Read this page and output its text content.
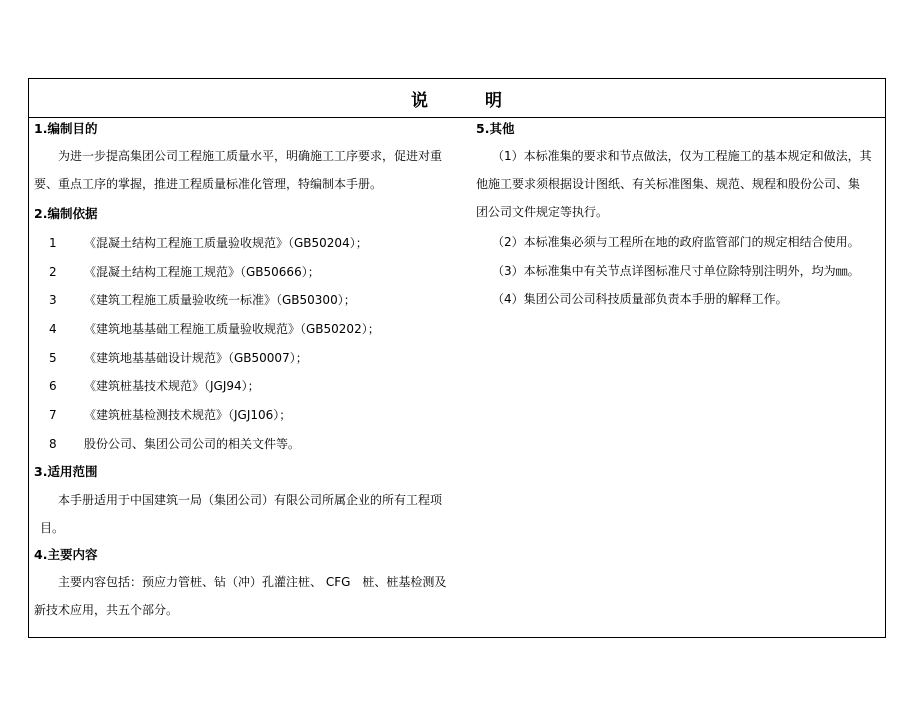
说	明
1.编制目的
为进一步提高集团公司工程施工质量水平，明确施工工序要求，促进对重
要、重点工序的掌握，推进工程质量标准化管理，特编制本手册。
2.编制依据
1 《混凝土结构工程施工质量验收规范》（GB50204）；
2 《混凝土结构工程施工规范》（GB50666）；
3 《建筑工程施工质量验收统一标准》（GB50300）；
4 《建筑地基基础工程施工质量验收规范》（GB50202）；
5 《建筑地基基础设计规范》（GB50007）；
6 《建筑桩基技术规范》（JGJ94）；
7 《建筑桩基检测技术规范》（JGJ106）；
8 股份公司、集团公司公司的相关文件等。
3.适用范围
本手册适用于中国建筑一局（集团公司）有限公司所属企业的所有工程项
目。
4.主要内容
主要内容包括：预应力管桩、钻（冲）孔灌注桩、 CFG　桩、桩基检测及
新技术应用，共五个部分。
5.其他
（1）本标准集的要求和节点做法，仅为工程施工的基本规定和做法，其
他施工要求须根据设计图纸、有关标准图集、规范、规程和股份公司、集
团公司文件规定等执行。
（2）本标准集必须与工程所在地的政府监管部门的规定相结合使用。
（3）本标准集中有关节点详图标准尺寸单位除特别注明外，均为㎜。
（4）集团公司公司科技质量部负责本手册的解释工作。
